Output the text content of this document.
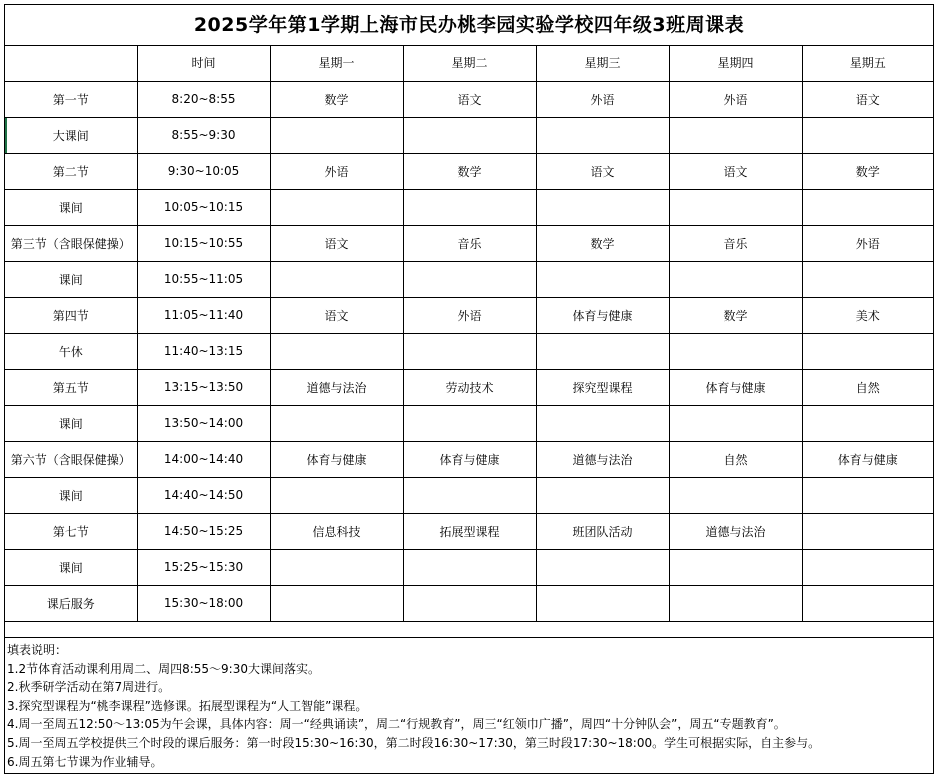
2025学年第1学期上海市民办桃李园实验学校四年级3班周课表
	时间	星期一	星期二	星期三	星期四	星期五
第一节	8:20~8:55	数学	语文	外语	外语	语文
大课间	8:55~9:30					
第二节	9:30~10:05	外语	数学	语文	语文	数学
课间	10:05~10:15					
第三节（含眼保健操）	10:15~10:55	语文	音乐	数学	音乐	外语
课间	10:55~11:05					
第四节	11:05~11:40	语文	外语	体育与健康	数学	美术
午休	11:40~13:15					
第五节	13:15~13:50	道德与法治	劳动技术	探究型课程	体育与健康	自然
课间	13:50~14:00					
第六节（含眼保健操）	14:00~14:40	体育与健康	体育与健康	道德与法治	自然	体育与健康
课间	14:40~14:50					
第七节	14:50~15:25	信息科技	拓展型课程	班团队活动	道德与法治	
课间	15:25~15:30					
课后服务	15:30~18:00					
填表说明：
1.2节体育活动课利用周二、周四8:55～9:30大课间落实。
2.秋季研学活动在第7周进行。
3.探究型课程为“桃李课程”选修课。拓展型课程为“人工智能”课程。
4.周一至周五12:50～13:05为午会课，具体内容：周一“经典诵读”，周二“行规教育”，周三“红领巾广播”，周四“十分钟队会”，周五“专题教育”。
5.周一至周五学校提供三个时段的课后服务：第一时段15:30~16:30，第二时段16:30~17:30，第三时段17:30~18:00。学生可根据实际，自主参与。
6.周五第七节课为作业辅导。
